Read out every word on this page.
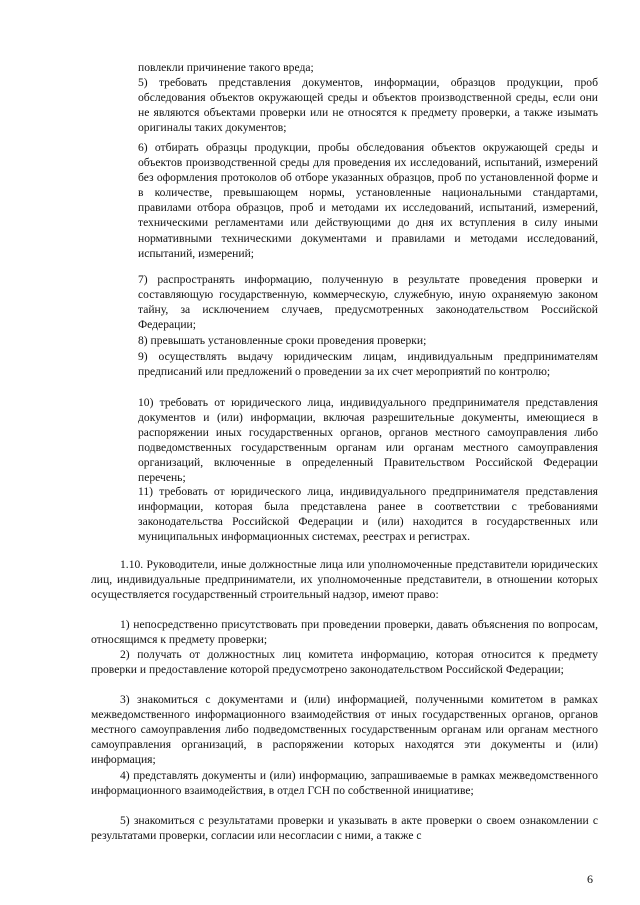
повлекли причинение такого вреда;
5) требовать представления документов, информации, образцов продукции, проб обследования объектов окружающей среды и объектов производственной среды, если они не являются объектами проверки или не относятся к предмету проверки, а также изымать оригиналы таких документов;
6) отбирать образцы продукции, пробы обследования объектов окружающей среды и объектов производственной среды для проведения их исследований, испытаний, измерений без оформления протоколов об отборе указанных образцов, проб по установленной форме и в количестве, превышающем нормы, установленные национальными стандартами, правилами отбора образцов, проб и методами их исследований, испытаний, измерений, техническими регламентами или действующими до дня их вступления в силу иными нормативными техническими документами и правилами и методами исследований, испытаний, измерений;
7) распространять информацию, полученную в результате проведения проверки и составляющую государственную, коммерческую, служебную, иную охраняемую законом тайну, за исключением случаев, предусмотренных законодательством Российской Федерации;
8) превышать установленные сроки проведения проверки;
9) осуществлять выдачу юридическим лицам, индивидуальным предпринимателям предписаний или предложений о проведении за их счет мероприятий по контролю;
10) требовать от юридического лица, индивидуального предпринимателя представления документов и (или) информации, включая разрешительные документы, имеющиеся в распоряжении иных государственных органов, органов местного самоуправления либо подведомственных государственным органам или органам местного самоуправления организаций, включенные в определенный Правительством Российской Федерации перечень;
11) требовать от юридического лица, индивидуального предпринимателя представления информации, которая была представлена ранее в соответствии с требованиями законодательства Российской Федерации и (или) находится в государственных или муниципальных информационных системах, реестрах и регистрах.
1.10. Руководители, иные должностные лица или уполномоченные представители юридических лиц, индивидуальные предприниматели, их уполномоченные представители, в отношении которых осуществляется государственный строительный надзор, имеют право:
1) непосредственно присутствовать при проведении проверки, давать объяснения по вопросам, относящимся к предмету проверки;
2) получать от должностных лиц комитета информацию, которая относится к предмету проверки и предоставление которой предусмотрено законодательством Российской Федерации;
3) знакомиться с документами и (или) информацией, полученными комитетом в рамках межведомственного информационного взаимодействия от иных государственных органов, органов местного самоуправления либо подведомственных государственным органам или органам местного самоуправления организаций, в распоряжении которых находятся эти документы и (или) информация;
4) представлять документы и (или) информацию, запрашиваемые в рамках межведомственного информационного взаимодействия, в отдел ГСН по собственной инициативе;
5) знакомиться с результатами проверки и указывать в акте проверки о своем ознакомлении с результатами проверки, согласии или несогласии с ними, а также с
6
